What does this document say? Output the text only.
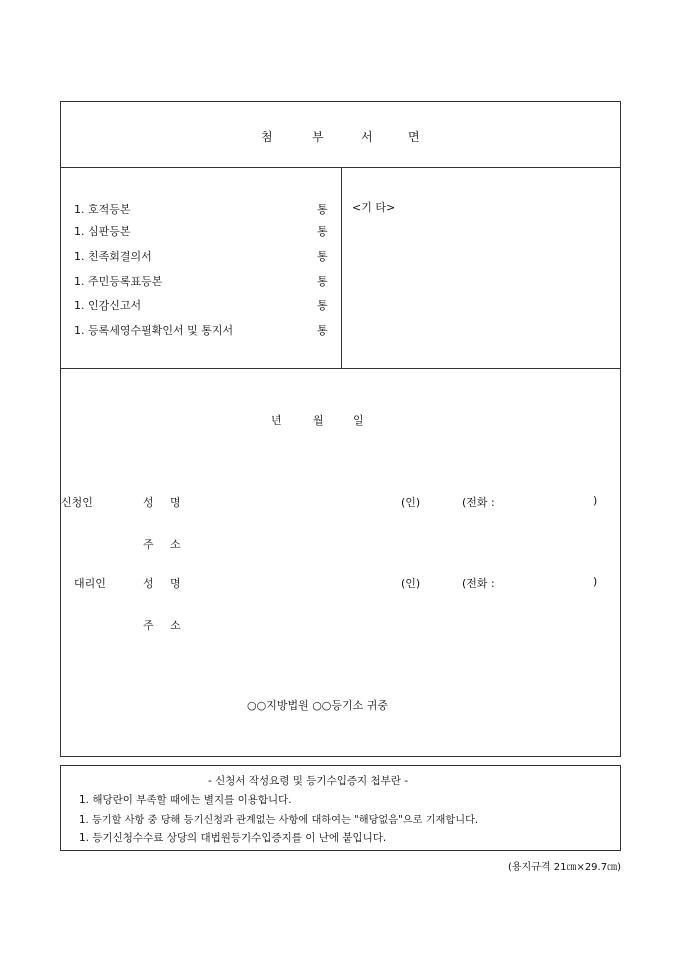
첨	부	서	면
1. 호적등본	통
1. 심판등본	통
1. 친족회결의서	통
1. 주민등록표등본	통
1. 인감신고서	통
1. 등록세영수필확인서 및 통지서	통
<기 타>
년	월	일
신청인	성 명	(인)	(전화 :	)
주 소
대리인	성 명	(인)	(전화 :	)
주 소
○○지방법원 ○○등기소 귀중
- 신청서 작성요령 및 등기수입증지 첩부란 -
1. 해당란이 부족할 때에는 별지를 이용합니다.
1. 등기할 사항 중 당해 등기신청과 관계없는 사항에 대하여는 "해당없음"으로 기재합니다.
1. 등기신청수수료 상당의 대법원등기수입증지를 이 난에 붙입니다.
(용지규격 21㎝×29.7㎝)
